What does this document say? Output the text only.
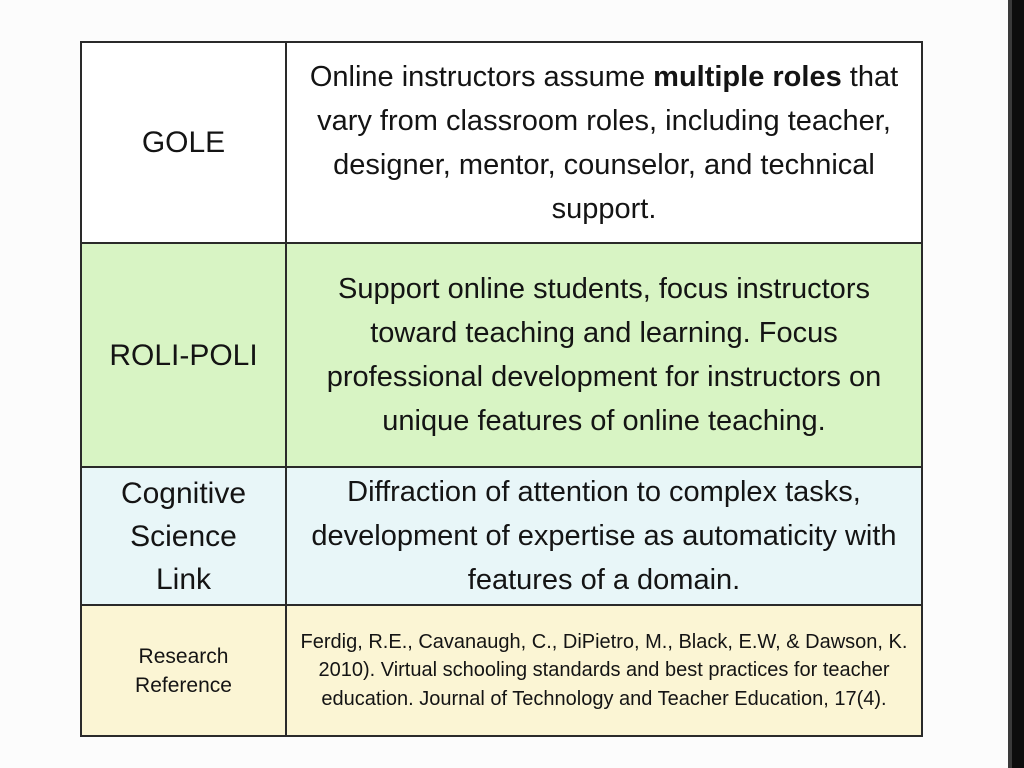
GOLE	Online instructors assume multiple roles that vary from classroom roles, including teacher, designer, mentor, counselor, and technical support.
ROLI-POLI	Support online students, focus instructors toward teaching and learning. Focus professional development for instructors on unique features of online teaching.

Cognitive
Science
Link	Diffraction of attention to complex tasks, development of expertise as automaticity with features of a domain.

Research
Reference	Ferdig, R.E., Cavanaugh, C., DiPietro, M., Black, E.W, & Dawson, K. 2010). Virtual schooling standards and best practices for teacher education. Journal of Technology and Teacher Education, 17(4).
